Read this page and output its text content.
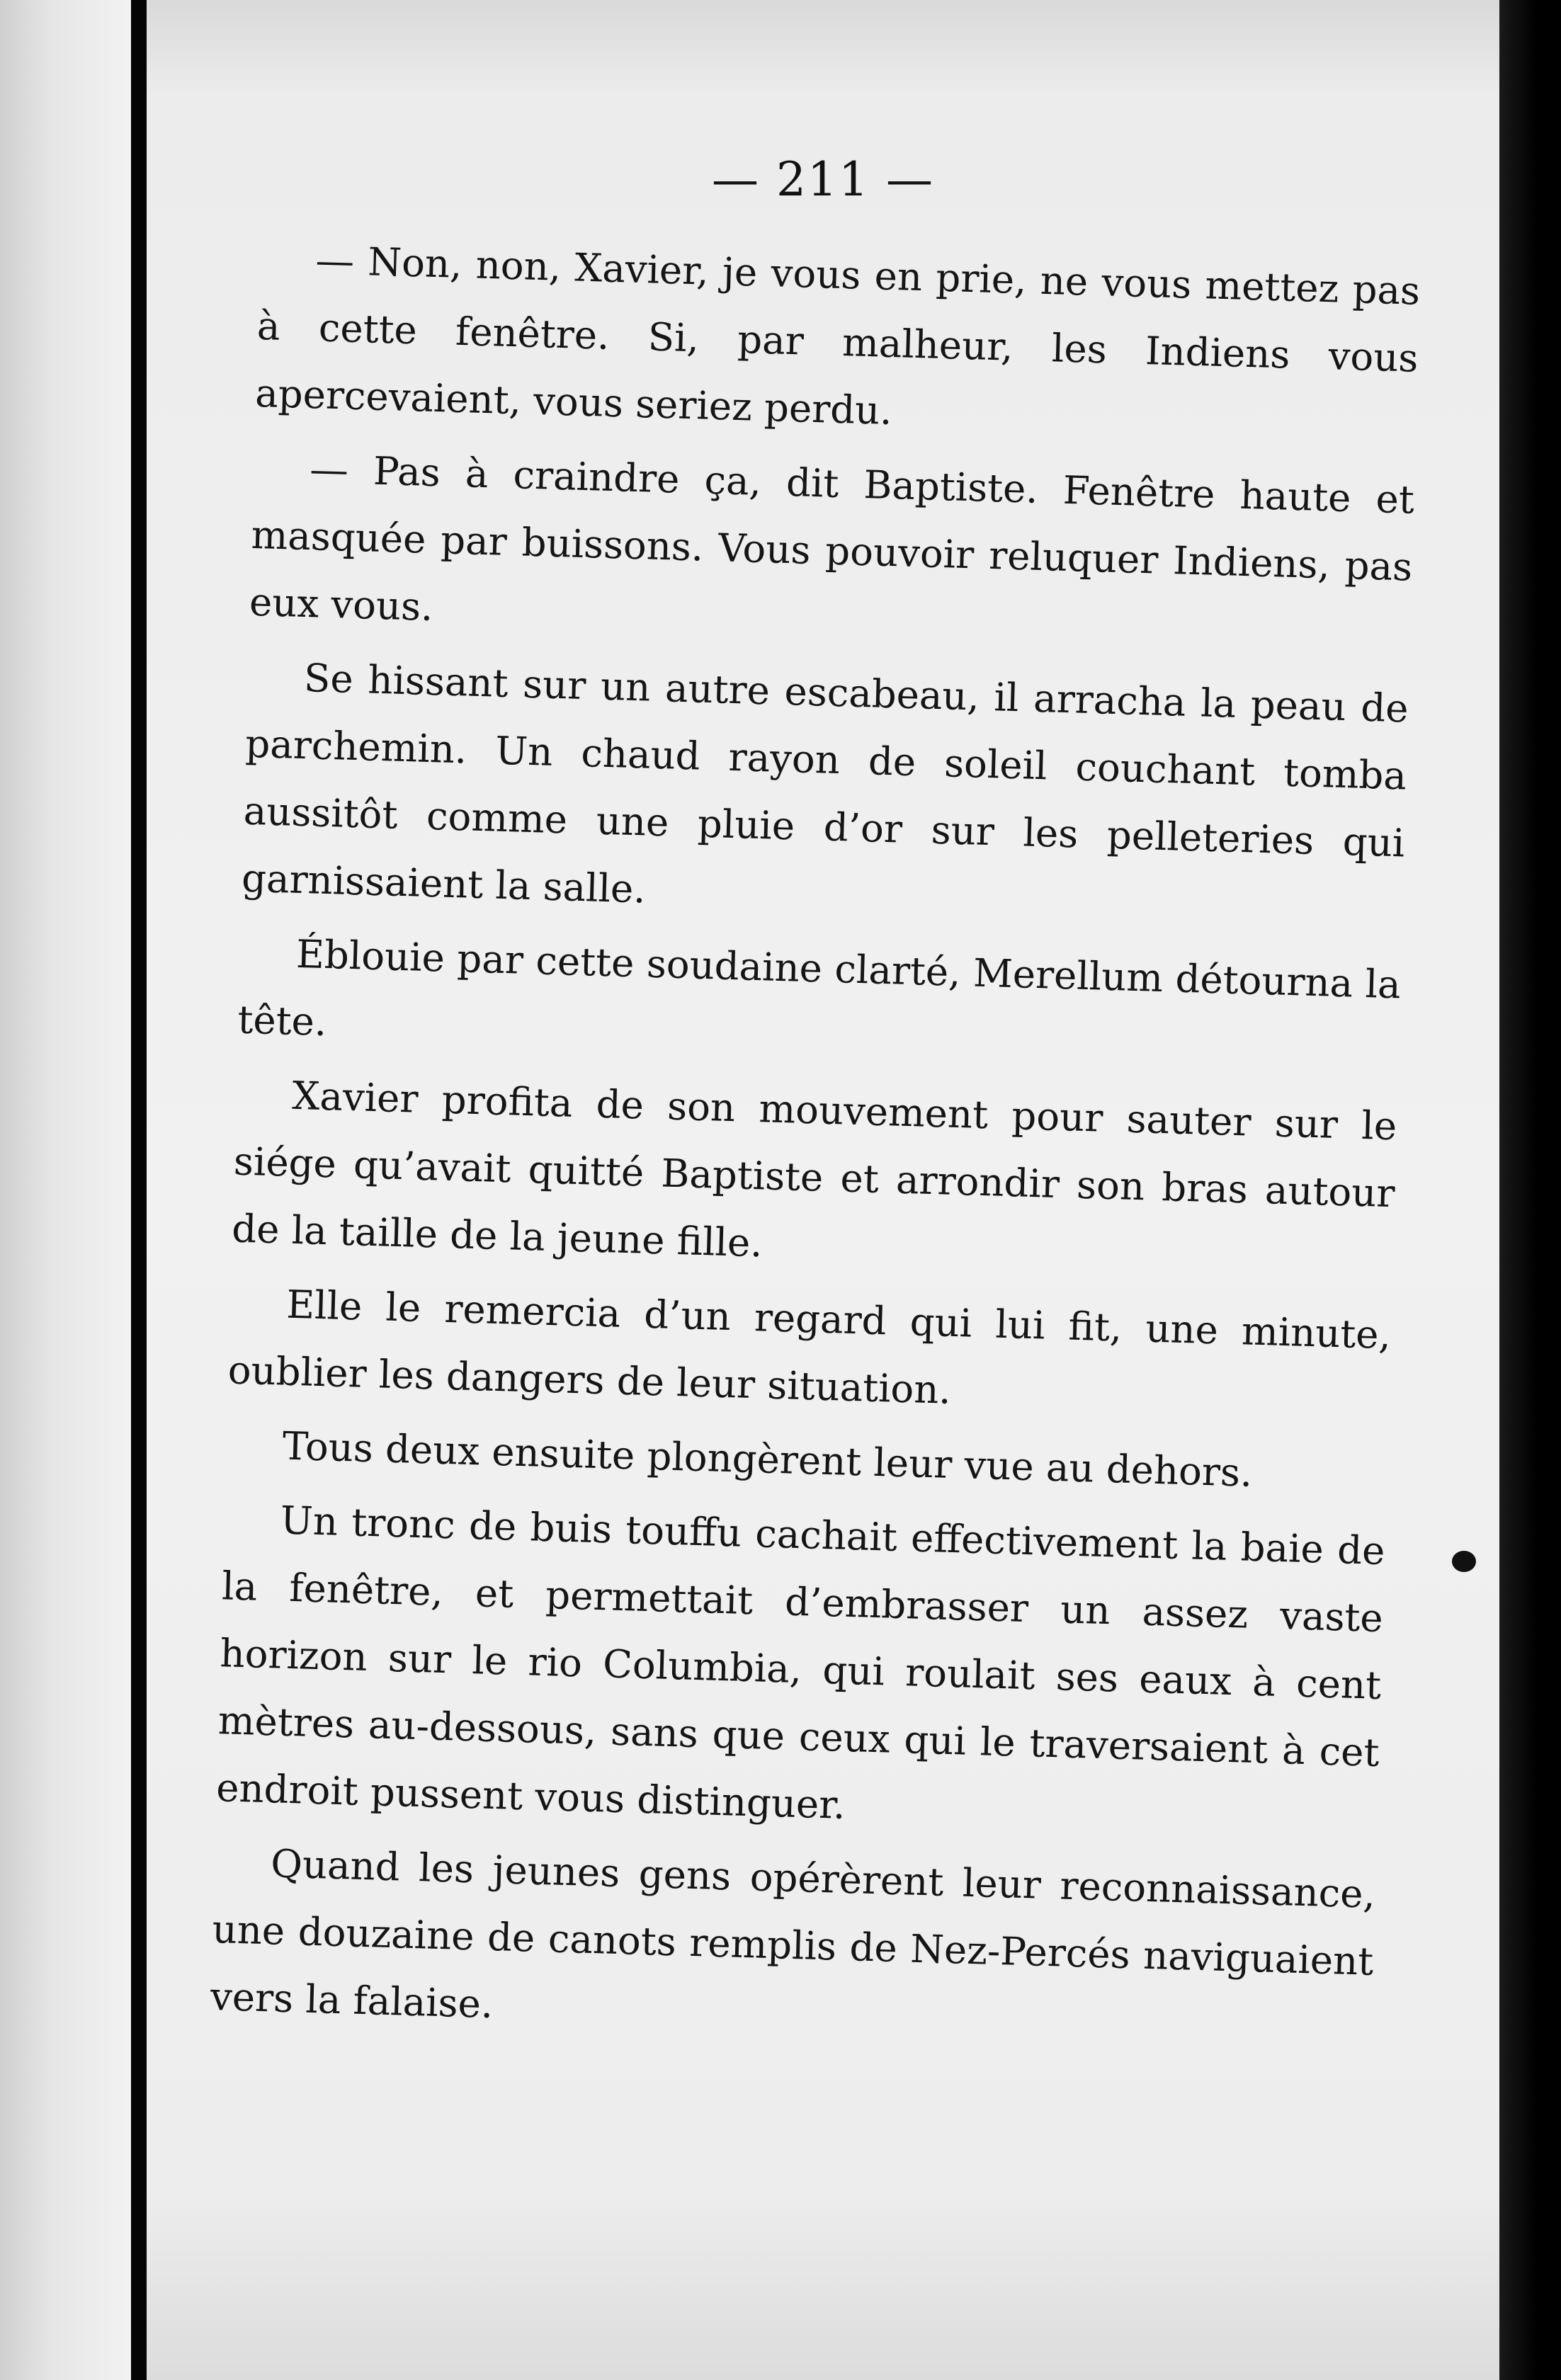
— 211 —

— Non, non, Xavier, je vous en prie, ne vous mettez pas à cette fenêtre. Si, par malheur, les Indiens vous apercevaient, vous seriez perdu.

— Pas à craindre ça, dit Baptiste. Fenêtre haute et masquée par buissons. Vous pouvoir reluquer Indiens, pas eux vous.

Se hissant sur un autre escabeau, il arracha la peau de parchemin. Un chaud rayon de soleil couchant tomba aussitôt comme une pluie d’or sur les pelleteries qui garnissaient la salle.

Éblouie par cette soudaine clarté, Merellum détourna la tête.

Xavier profita de son mouvement pour sauter sur le siége qu’avait quitté Baptiste et arrondir son bras autour de la taille de la jeune fille.

Elle le remercia d’un regard qui lui fit, une minute, oublier les dangers de leur situation.

Tous deux ensuite plongèrent leur vue au dehors.

Un tronc de buis touffu cachait effectivement la baie de la fenêtre, et permettait d’embrasser un assez vaste horizon sur le rio Columbia, qui roulait ses eaux à cent mètres au-dessous, sans que ceux qui le traversaient à cet endroit pussent vous distinguer.

Quand les jeunes gens opérèrent leur reconnaissance, une douzaine de canots remplis de Nez-Percés naviguaient vers la falaise.
